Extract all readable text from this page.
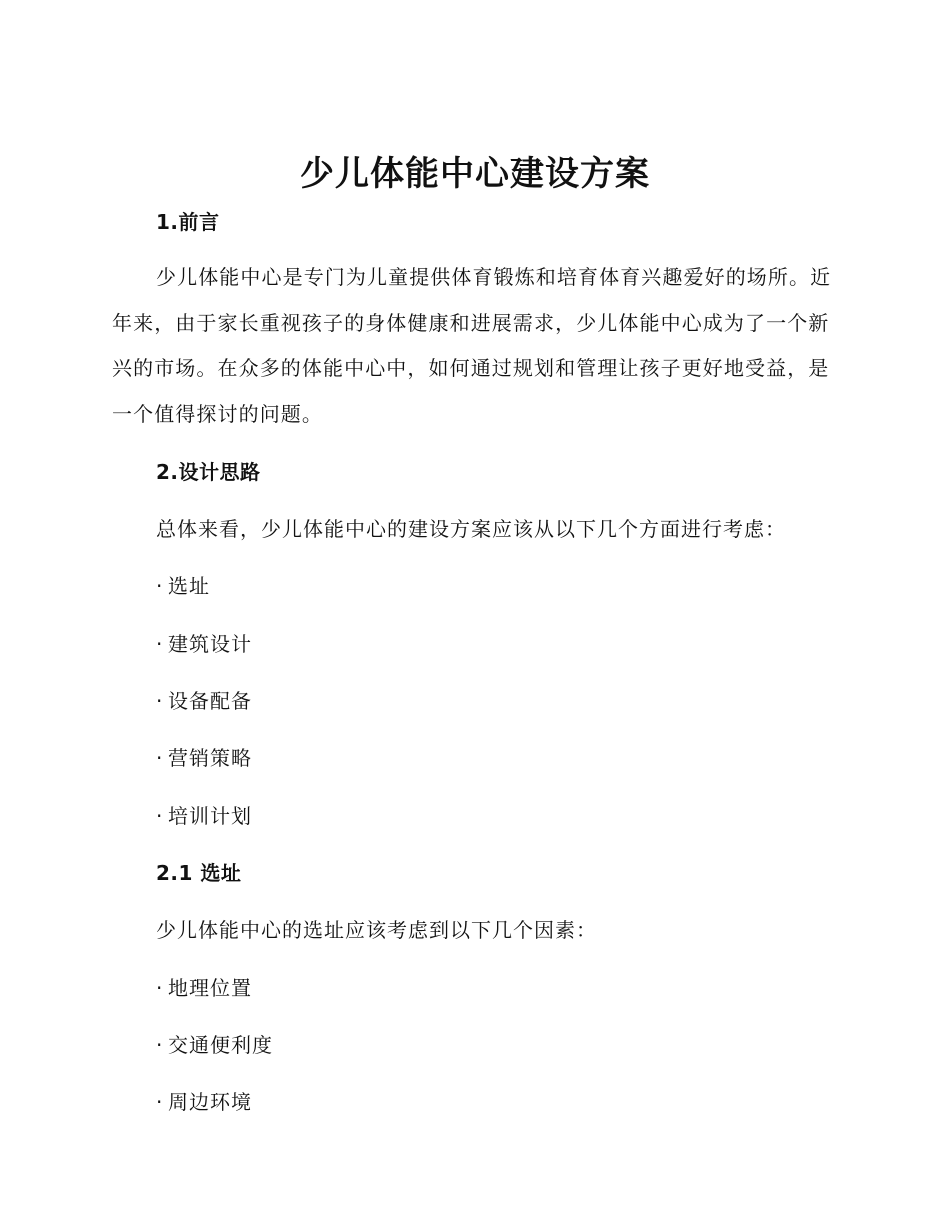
少儿体能中心建设方案
1.前言
少儿体能中心是专门为儿童提供体育锻炼和培育体育兴趣爱好的场所。近年来，由于家长重视孩子的身体健康和进展需求，少儿体能中心成为了一个新兴的市场。在众多的体能中心中，如何通过规划和管理让孩子更好地受益，是一个值得探讨的问题。
2.设计思路
总体来看，少儿体能中心的建设方案应该从以下几个方面进行考虑：
· 选址
· 建筑设计
· 设备配备
· 营销策略
· 培训计划
2.1 选址
少儿体能中心的选址应该考虑到以下几个因素：
· 地理位置
· 交通便利度
· 周边环境
